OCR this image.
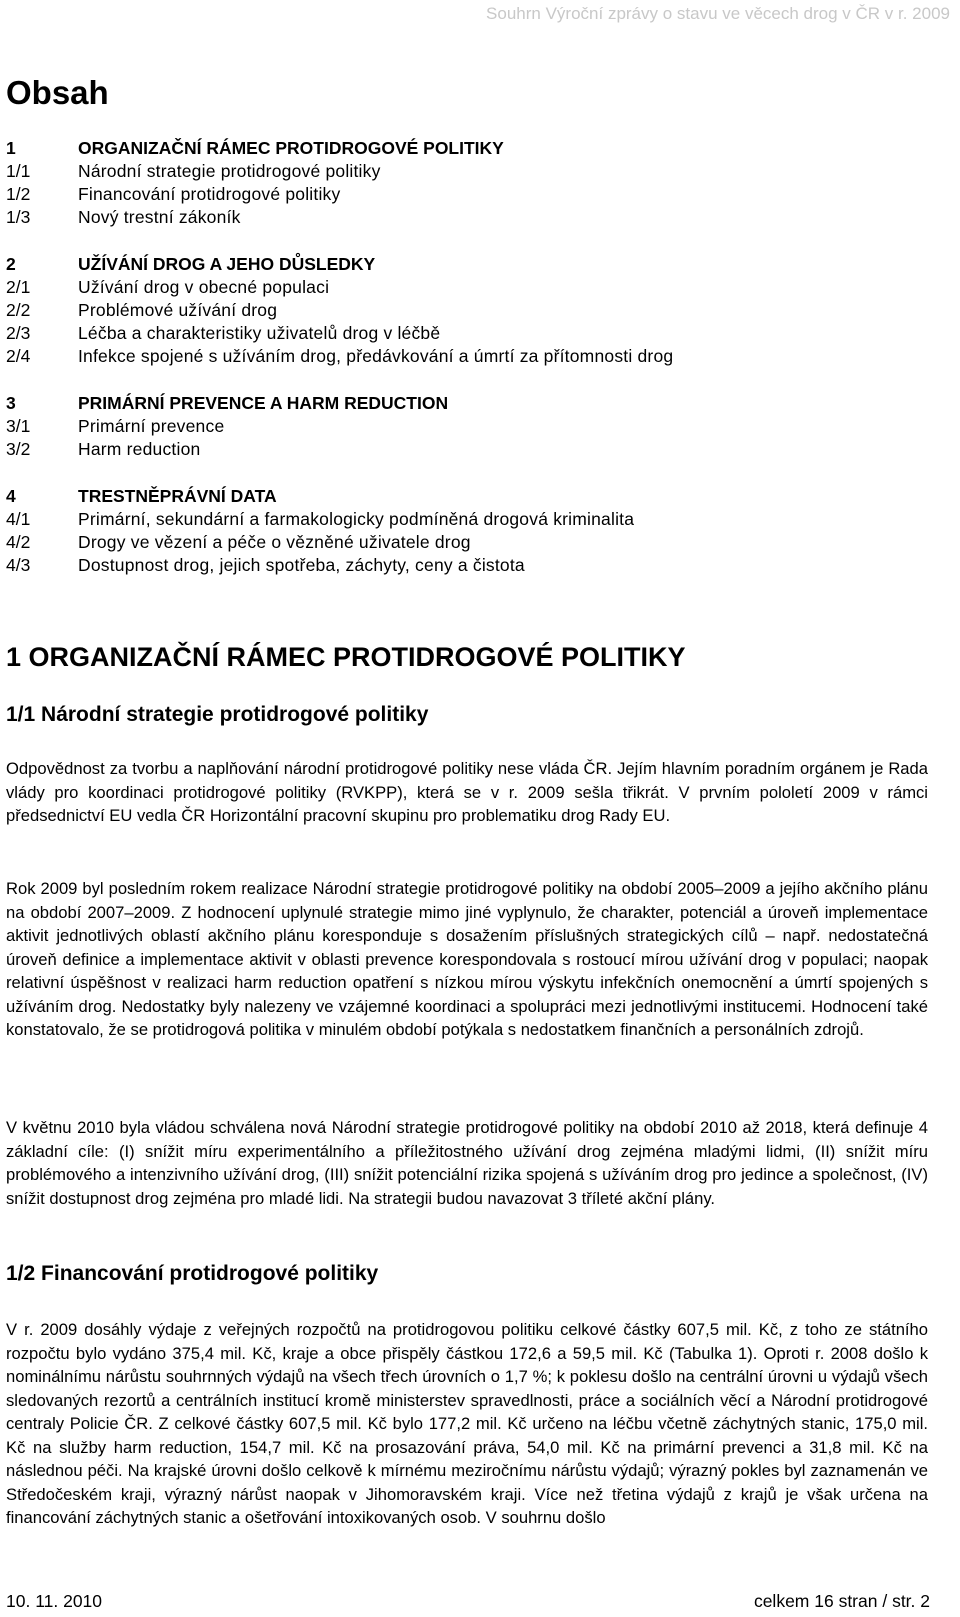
Souhrn Výroční zprávy o stavu ve věcech drog v ČR v r. 2009
Obsah
1	ORGANIZAČNÍ RÁMEC PROTIDROGOVÉ POLITIKY
1/1	Národní strategie protidrogové politiky
1/2	Financování protidrogové politiky
1/3	Nový trestní zákoník
2	UŽÍVÁNÍ DROG A JEHO DŮSLEDKY
2/1	Užívání drog v obecné populaci
2/2	Problémové užívání drog
2/3	Léčba a charakteristiky uživatelů drog v léčbě
2/4	Infekce spojené s užíváním drog, předávkování a úmrtí za přítomnosti drog
3	PRIMÁRNÍ PREVENCE A HARM REDUCTION
3/1	Primární prevence
3/2	Harm reduction
4	TRESTNĚPRÁVNÍ DATA
4/1	Primární, sekundární a farmakologicky podmíněná drogová kriminalita
4/2	Drogy ve vězení a péče o vězněné uživatele drog
4/3	Dostupnost drog, jejich spotřeba, záchyty, ceny a čistota
1 ORGANIZAČNÍ RÁMEC PROTIDROGOVÉ POLITIKY
1/1 Národní strategie protidrogové politiky

Odpovědnost za tvorbu a naplňování národní protidrogové politiky nese vláda ČR. Jejím hlavním poradním orgánem je Rada vlády pro koordinaci protidrogové politiky (RVKPP), která se v r. 2009 sešla třikrát. V prvním pololetí 2009 v rámci předsednictví EU vedla ČR Horizontální pracovní skupinu pro problematiku drog Rady EU.

Rok 2009 byl posledním rokem realizace Národní strategie protidrogové politiky na období 2005–2009 a jejího akčního plánu na období 2007–2009. Z hodnocení uplynulé strategie mimo jiné vyplynulo, že charakter, potenciál a úroveň implementace aktivit jednotlivých oblastí akčního plánu koresponduje s dosažením příslušných strategických cílů – např. nedostatečná úroveň definice a implementace aktivit v oblasti prevence korespondovala s rostoucí mírou užívání drog v populaci; naopak relativní úspěšnost v realizaci harm reduction opatření s nízkou mírou výskytu infekčních onemocnění a úmrtí spojených s užíváním drog. Nedostatky byly nalezeny ve vzájemné koordinaci a spolupráci mezi jednotlivými institucemi. Hodnocení také konstatovalo, že se protidrogová politika v minulém období potýkala s nedostatkem finančních a personálních zdrojů.

V květnu 2010 byla vládou schválena nová Národní strategie protidrogové politiky na období 2010 až 2018, která definuje 4 základní cíle: (I) snížit míru experimentálního a příležitostného užívání drog zejména mladými lidmi, (II) snížit míru problémového a intenzivního užívání drog, (III) snížit potenciální rizika spojená s užíváním drog pro jedince a společnost, (IV) snížit dostupnost drog zejména pro mladé lidi. Na strategii budou navazovat 3 tříleté akční plány.

1/2 Financování protidrogové politiky

V r. 2009 dosáhly výdaje z veřejných rozpočtů na protidrogovou politiku celkové částky 607,5 mil. Kč, z toho ze státního rozpočtu bylo vydáno 375,4 mil. Kč, kraje a obce přispěly částkou 172,6 a 59,5 mil. Kč (Tabulka 1). Oproti r. 2008 došlo k nominálnímu nárůstu souhrnných výdajů na všech třech úrovních o 1,7 %; k poklesu došlo na centrální úrovni u výdajů všech sledovaných rezortů a centrálních institucí kromě ministerstev spravedlnosti, práce a sociálních věcí a Národní protidrogové centraly Policie ČR. Z celkové částky 607,5 mil. Kč bylo 177,2 mil. Kč určeno na léčbu včetně záchytných stanic, 175,0 mil. Kč na služby harm reduction, 154,7 mil. Kč na prosazování práva, 54,0 mil. Kč na primární prevenci a 31,8 mil. Kč na následnou péči. Na krajské úrovni došlo celkově k mírnému meziročnímu nárůstu výdajů; výrazný pokles byl zaznamenán ve Středočeském kraji, výrazný nárůst naopak v Jihomoravském kraji. Více než třetina výdajů z krajů je však určena na financování záchytných stanic a ošetřování intoxikovaných osob. V souhrnu došlo

10. 11. 2010	celkem 16 stran / str. 2
